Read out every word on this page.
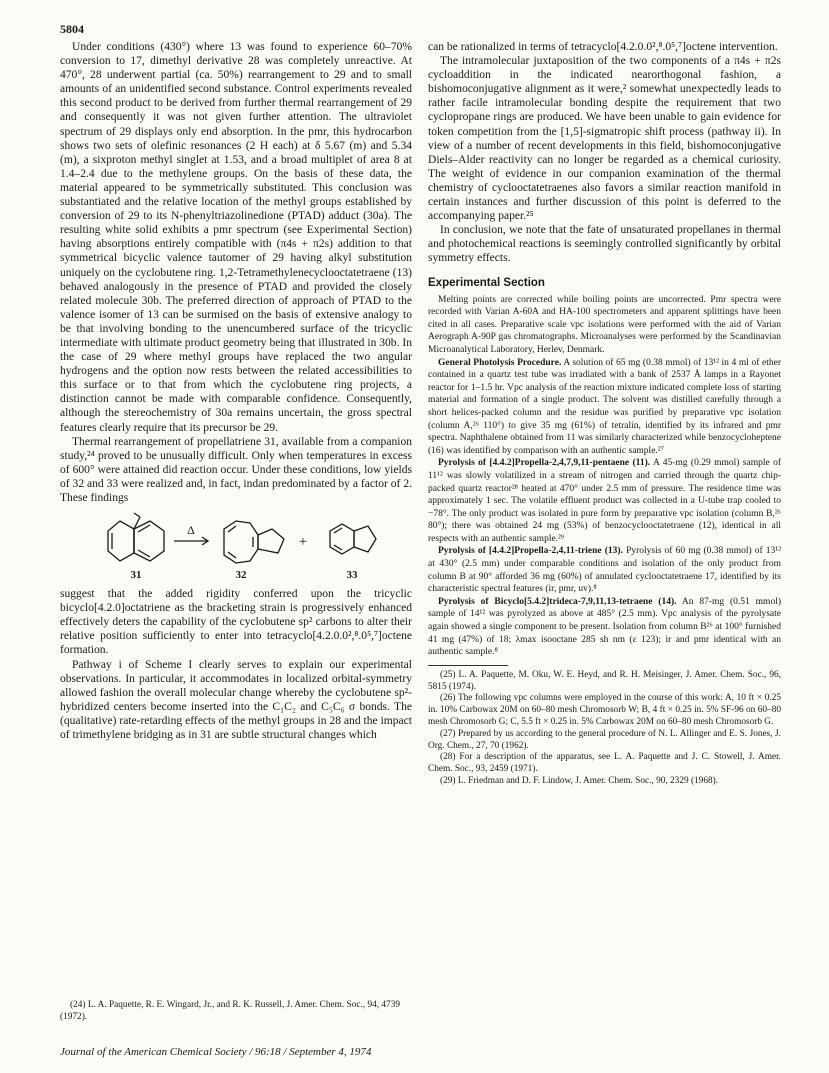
5804

Under conditions (430°) where 13 was found to experience 60–70% conversion to 17, dimethyl derivative 28 was completely unreactive. At 470°, 28 underwent partial (ca. 50%) rearrangement to 29 and to small amounts of an unidentified second substance. Control experiments revealed this second product to be derived from further thermal rearrangement of 29 and consequently it was not given further attention. The ultraviolet spectrum of 29 displays only end absorption. In the pmr, this hydrocarbon shows two sets of olefinic resonances (2 H each) at δ 5.67 (m) and 5.34 (m), a sixproton methyl singlet at 1.53, and a broad multiplet of area 8 at 1.4–2.4 due to the methylene groups. On the basis of these data, the material appeared to be symmetrically substituted. This conclusion was substantiated and the relative location of the methyl groups established by conversion of 29 to its N-phenyltriazolinedione (PTAD) adduct (30a). The resulting white solid exhibits a pmr spectrum (see Experimental Section) having absorptions entirely compatible with (π4s + π2s) addition to that symmetrical bicyclic valence tautomer of 29 having alkyl substitution uniquely on the cyclobutene ring. 1,2-Tetramethylenecyclooctatetraene (13) behaved analogously in the presence of PTAD and provided the closely related molecule 30b. The preferred direction of approach of PTAD to the valence isomer of 13 can be surmised on the basis of extensive analogy to be that involving bonding to the unencumbered surface of the tricyclic intermediate with ultimate product geometry being that illustrated in 30b. In the case of 29 where methyl groups have replaced the two angular hydrogens and the option now rests between the related accessibilities to this surface or to that from which the cyclobutene ring projects, a distinction cannot be made with comparable confidence. Consequently, although the stereochemistry of 30a remains uncertain, the gross spectral features clearly require that its precursor be 29.

Thermal rearrangement of propellatriene 31, available from a companion study,²⁴ proved to be unusually difficult. Only when temperatures in excess of 600° were attained did reaction occur. Under these conditions, low yields of 32 and 33 were realized and, in fact, indan predominated by a factor of 2. These findings

Δ
+
31	32	33

suggest that the added rigidity conferred upon the tricyclic bicyclo[4.2.0]octatriene as the bracketing strain is progressively enhanced effectively deters the capability of the cyclobutene sp² carbons to alter their relative position sufficiently to enter into tetracyclo[4.2.0.0²,⁸.0⁵,⁷]octene formation.

Pathway i of Scheme I clearly serves to explain our experimental observations. In particular, it accommodates in localized orbital-symmetry allowed fashion the overall molecular change whereby the cyclobutene sp²-hybridized centers become inserted into the C₁C₂ and C₅C₆ σ bonds. The (qualitative) rate-retarding effects of the methyl groups in 28 and the impact of trimethylene bridging as in 31 are subtle structural changes which

(24) L. A. Paquette, R. E. Wingard, Jr., and R. K. Russell, J. Amer. Chem. Soc., 94, 4739 (1972).

can be rationalized in terms of tetracyclo[4.2.0.0²,⁸.0⁵,⁷]octene intervention.

The intramolecular juxtaposition of the two components of a π4s + π2s cycloaddition in the indicated nearorthogonal fashion, a bishomoconjugative alignment as it were,² somewhat unexpectedly leads to rather facile intramolecular bonding despite the requirement that two cyclopropane rings are produced. We have been unable to gain evidence for token competition from the [1,5]-sigmatropic shift process (pathway ii). In view of a number of recent developments in this field, bishomoconjugative Diels–Alder reactivity can no longer be regarded as a chemical curiosity. The weight of evidence in our companion examination of the thermal chemistry of cyclooctatetraenes also favors a similar reaction manifold in certain instances and further discussion of this point is deferred to the accompanying paper.²⁵

In conclusion, we note that the fate of unsaturated propellanes in thermal and photochemical reactions is seemingly controlled significantly by orbital symmetry effects.

Experimental Section

Melting points are corrected while boiling points are uncorrected. Pmr spectra were recorded with Varian A-60A and HA-100 spectrometers and apparent splittings have been cited in all cases. Preparative scale vpc isolations were performed with the aid of Varian Aerograph A-90P gas chromatographs. Microanalyses were performed by the Scandinavian Microanalytical Laboratory, Herlev, Denmark.

General Photolysis Procedure. A solution of 65 mg (0.38 mmol) of 13¹² in 4 ml of ether contained in a quartz test tube was irradiated with a bank of 2537 Å lamps in a Rayonet reactor for 1–1.5 hr. Vpc analysis of the reaction mixture indicated complete loss of starting material and formation of a single product. The solvent was distilled carefully through a short helices-packed column and the residue was purified by preparative vpc isolation (column A,²⁶ 110°) to give 35 mg (61%) of tetralin, identified by its infrared and pmr spectra. Naphthalene obtained from 11 was similarly characterized while benzocycloheptene (16) was identified by comparison with an authentic sample.²⁷

Pyrolysis of [4.4.2]Propella-2,4,7,9,11-pentaene (11). A 45-mg (0.29 mmol) sample of 11¹² was slowly volatilized in a stream of nitrogen and carried through the quartz chip-packed quartz reactor²⁸ heated at 470° under 2.5 mm of pressure. The residence time was approximately 1 sec. The volatile effluent product was collected in a U-tube trap cooled to −78°. The only product was isolated in pure form by preparative vpc isolation (column B,²⁶ 80°); there was obtained 24 mg (53%) of benzocyclooctatetraene (12), identical in all respects with an authentic sample.²⁹

Pyrolysis of [4.4.2]Propella-2,4,11-triene (13). Pyrolysis of 60 mg (0.38 mmol) of 13¹² at 430° (2.5 mm) under comparable conditions and isolation of the only product from column B at 90° afforded 36 mg (60%) of annulated cyclooctatetraene 17, identified by its characteristic spectral features (ir, pmr, uv).⁸

Pyrolysis of Bicyclo[5.4.2]trideca-7,9,11,13-tetraene (14). An 87-mg (0.51 mmol) sample of 14¹² was pyrolyzed as above at 485° (2.5 mm). Vpc analysis of the pyrolysate again showed a single component to be present. Isolation from column B²⁶ at 100° furnished 41 mg (47%) of 18; λmax isooctane 285 sh nm (ε 123); ir and pmr identical with an authentic sample.⁸

(25) L. A. Paquette, M. Oku, W. E. Heyd, and R. H. Meisinger, J. Amer. Chem. Soc., 96, 5815 (1974).

(26) The following vpc columns were employed in the course of this work: A, 10 ft × 0.25 in. 10% Carbowax 20M on 60–80 mesh Chromosorb W; B, 4 ft × 0.25 in. 5% SF-96 on 60–80 mesh Chromosorb G; C, 5.5 ft × 0.25 in. 5% Carbowax 20M on 60–80 mesh Chromosorb G.

(27) Prepared by us according to the general procedure of N. L. Allinger and E. S. Jones, J. Org. Chem., 27, 70 (1962).

(28) For a description of the apparatus, see L. A. Paquette and J. C. Stowell, J. Amer. Chem. Soc., 93, 2459 (1971).

(29) L. Friedman and D. F. Lindow, J. Amer. Chem. Soc., 90, 2329 (1968).

Journal of the American Chemical Society / 96:18 / September 4, 1974
